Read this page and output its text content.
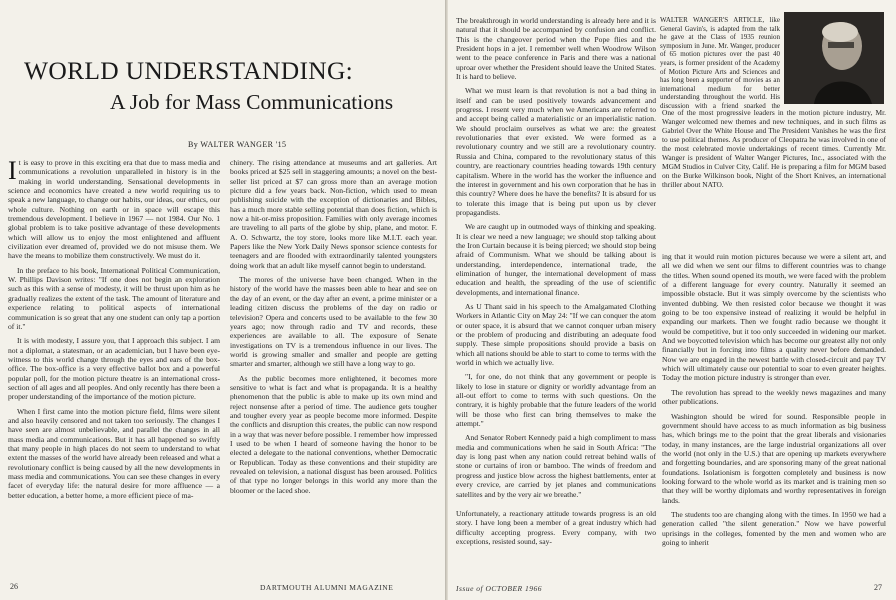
WORLD UNDERSTANDING:
A Job for Mass Communications
By WALTER WANGER '15

It is easy to prove in this exciting era that due to mass media and communications a revolution unparalleled in history is in the making in world understanding. Sensational developments in science and economics have created a new world requiring us to speak a new language, to change our habits, our ideas, our ethics, our whole culture. Nothing on earth or in space will escape this tremendous development. I believe in 1967 — not 1984. Our No. 1 global problem is to take positive advantage of these developments which will allow us to enjoy the most enlightened and affluent civilization ever dreamed of, provided we do not misuse them. We have the means to mobilize them constructively. We must do it.

In the preface to his book, International Political Communication, W. Phillips Davison writes: "If one does not begin an exploration such as this with a sense of modesty, it will be thrust upon him as he gradually realizes the extent of the task. The amount of literature and experience relating to political aspects of international communication is so great that any one student can only tap a portion of it."

It is with modesty, I assure you, that I approach this subject. I am not a diplomat, a statesman, or an academician, but I have been eye-witness to this world change through the eyes and ears of the box-office. The box-office is a very effective ballot box and a powerful popular poll, for the motion picture theatre is an international cross-section of all ages and all peoples. And only recently has there been a proper understanding of the importance of the motion picture.

When I first came into the motion picture field, films were silent and also heavily censored and not taken too seriously. The changes I have seen are almost unbelievable, and parallel the changes in all mass media and communications. But it has all happened so swiftly that many people in high places do not seem to understand to what extent the masses of the world have already been released and what a revolutionary conflict is being caused by all the new developments in mass media and communications. You can see these changes in every facet of everyday life: the natural desire for more affluence — a better education, a better home, a more efficient piece of ma-

chinery. The rising attendance at museums and art galleries. Art books priced at $25 sell in staggering amounts; a novel on the best-seller list priced at $7 can gross more than an average motion picture did a few years back. Non-fiction, which used to mean publishing suicide with the exception of dictionaries and Bibles, has a much more stable selling potential than does fiction, which is now a hit-or-miss proposition. Families with only average incomes are traveling to all parts of the globe by ship, plane, and motor. F. A. O. Schwartz, the toy store, looks more like M.I.T. each year. Papers like the New York Daily News sponsor science contests for teenagers and are flooded with extraordinarily talented youngsters doing work that an adult like myself cannot begin to understand.

The mores of the universe have been changed. When in the history of the world have the masses been able to hear and see on the day of an event, or the day after an event, a prime minister or a leading citizen discuss the problems of the day on radio or television? Opera and concerts used to be available to the few 30 years ago; now through radio and TV and records, these experiences are available to all. The exposure of Senate investigations on TV is a tremendous influence in our lives. The world is growing smaller and smaller and people are getting smarter and smarter, although we still have a long way to go.

As the public becomes more enlightened, it becomes more sensitive to what is fact and what is propaganda. It is a healthy phenomenon that the public is able to make up its own mind and reject nonsense after a period of time. The audience gets tougher and tougher every year as people become more informed. Despite the conflicts and disruption this creates, the public can now respond in a way that was never before possible. I remember how impressed I used to be when I heard of someone having the honor to be elected a delegate to the national conventions, whether Democratic or Republican. Today as these conventions and their stupidity are revealed on television, a national disgust has been aroused. Politics of that type no longer belongs in this world any more than the bloomer or the laced shoe.

26	DARTMOUTH ALUMNI MAGAZINE

The breakthrough in world understanding is already here and it is natural that it should be accompanied by confusion and conflict. This is the changeover period when the Pope flies and the President hops in a jet. I remember well when Woodrow Wilson went to the peace conference in Paris and there was a national uproar over whether the President should leave the United States. It is hard to believe.

What we must learn is that revolution is not a bad thing in itself and can be used positively towards advancement and progress. I resent very much when we Americans are referred to and accept being called a materialistic or an imperialistic nation. We should proclaim ourselves as what we are: the greatest revolutionaries that ever existed. We were formed as a revolutionary country and we still are a revolutionary country. Russia and China, compared to the revolutionary status of this country, are reactionary countries heading towards 19th century capitalism. Where in the world has the worker the influence and the interest in government and his own corporation that he has in this country? Where does he have the benefits? It is absurd for us to tolerate this image that is being put upon us by clever propagandists.

We are caught up in outmoded ways of thinking and speaking. It is clear we need a new language; we should stop talking about the Iron Curtain because it is being pierced; we should stop being afraid of Communism. What we should be talking about is understanding, interdependence, international trade, the elimination of hunger, the international development of mass education and health, the spreading of the use of scientific developments, and international finance.

As U Thant said in his speech to the Amalgamated Clothing Workers in Atlantic City on May 24: "If we can conquer the atom or outer space, it is absurd that we cannot conquer urban misery or the problem of producing and distributing an adequate food supply. These simple propositions should provide a basis on which all nations should be able to start to come to terms with the world in which we actually live.

"I, for one, do not think that any government or people is likely to lose in stature or dignity or worldly advantage from an all-out effort to come to terms with such questions. On the contrary, it is highly probable that the future leaders of the world will be those who first can bring themselves to make the attempt."

And Senator Robert Kennedy paid a high compliment to mass media and communications when he said in South Africa: "The day is long past when any nation could retreat behind walls of stone or curtains of iron or bamboo. The winds of freedom and progress and justice blow across the highest battlements, enter at every crevice, are carried by jet planes and communications satellites and by the very air we breathe."

Unfortunately, a reactionary attitude towards progress is an old story. I have long been a member of a great industry which had difficulty accepting progress. Every company, with two exceptions, resisted sound, say-

WALTER WANGER'S ARTICLE, like General Gavin's, is adapted from the talk he gave at the Class of 1935 reunion symposium in June. Mr. Wanger, producer of 65 motion pictures over the past 40 years, is former president of the Academy of Motion Picture Arts and Sciences and has long been a supporter of movies as an international medium for better understanding throughout the world. His discussion with a friend sparked the
One of the most progressive leaders in the motion picture industry, Mr. Wanger welcomed new themes and new techniques, and in such films as Gabriel Over the White House and The President Vanishes he was the first to use political themes. As producer of Cleopatra he was involved in one of the most celebrated movie undertakings of recent times. Currently Mr. Wanger is president of Walter Wanger Pictures, Inc., associated with the MGM Studios in Culver City, Calif. He is preparing a film for MGM based on the Burke Wilkinson book, Night of the Short Knives, an international thriller about NATO.

ing that it would ruin motion pictures because we were a silent art, and all we did when we sent our films to different countries was to change the titles. When sound opened its mouth, we were faced with the problem of a different language for every country. Naturally it seemed an impossible obstacle. But it was simply overcome by the scientists who invented dubbing. We then resisted color because we thought it was going to be too expensive instead of realizing it would be helpful in expanding our markets. Then we fought radio because we thought it would be competitive, but it too only succeeded in widening our market. And we boycotted television which has become our greatest ally not only financially but in forcing into films a quality never before demanded. Now we are engaged in the newest battle with closed-circuit and pay TV which will ultimately cause our potential to soar to even greater heights. Today the motion picture industry is stronger than ever.

The revolution has spread to the weekly news magazines and many other publications.

Washington should be wired for sound. Responsible people in government should have access to as much information as big business has, which brings me to the point that the great liberals and visionaries today, in many instances, are the large industrial organizations all over the world (not only in the U.S.) that are opening up markets everywhere and forgetting boundaries, and are sponsoring many of the great national foundations. Isolationism is forgotten completely and business is now looking forward to the whole world as its market and is training men so that they will be worthy diplomats and worthy representatives in foreign lands.

The students too are changing along with the times. In 1950 we had a generation called "the silent generation." Now we have powerful uprisings in the colleges, fomented by the men and women who are going to inherit

Issue of OCTOBER 1966	27
